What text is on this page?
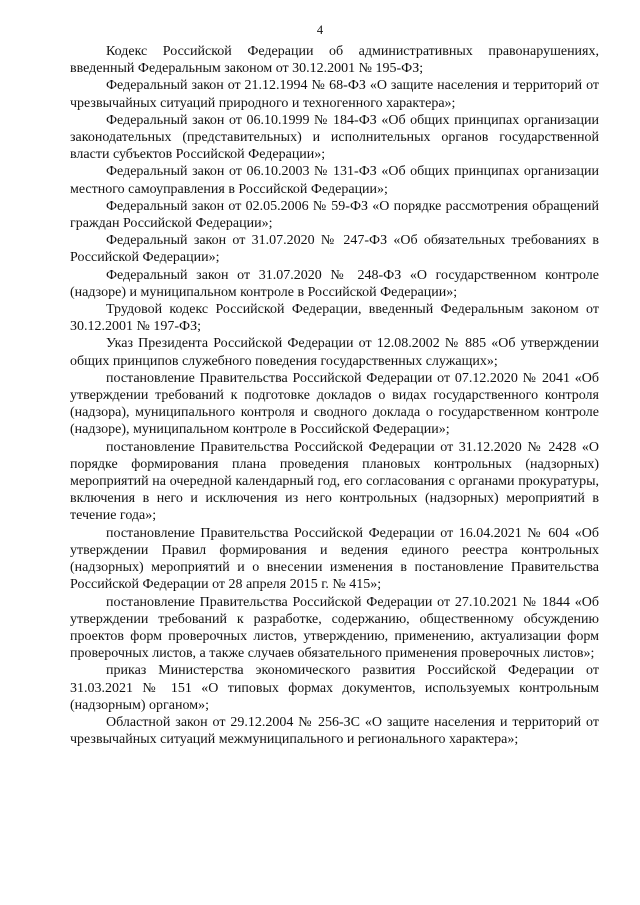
4

Кодекс Российской Федерации об административных правонарушениях, введенный Федеральным законом от 30.12.2001 № 195-ФЗ;

Федеральный закон от 21.12.1994 № 68-ФЗ «О защите населения и территорий от чрезвычайных ситуаций природного и техногенного характера»;

Федеральный закон от 06.10.1999 № 184-ФЗ «Об общих принципах организации законодательных (представительных) и исполнительных органов государственной власти субъектов Российской Федерации»;

Федеральный закон от 06.10.2003 № 131-ФЗ «Об общих принципах организации местного самоуправления в Российской Федерации»;

Федеральный закон от 02.05.2006 № 59-ФЗ «О порядке рассмотрения обращений граждан Российской Федерации»;

Федеральный закон от 31.07.2020 № 247-ФЗ «Об обязательных требованиях в Российской Федерации»;

Федеральный закон от 31.07.2020 № 248-ФЗ «О государственном контроле (надзоре) и муниципальном контроле в Российской Федерации»;

Трудовой кодекс Российской Федерации, введенный Федеральным законом от 30.12.2001 № 197-ФЗ;

Указ Президента Российской Федерации от 12.08.2002 № 885 «Об утверждении общих принципов служебного поведения государственных служащих»;

постановление Правительства Российской Федерации от 07.12.2020 № 2041 «Об утверждении требований к подготовке докладов о видах государственного контроля (надзора), муниципального контроля и сводного доклада о государственном контроле (надзоре), муниципальном контроле в Российской Федерации»;

постановление Правительства Российской Федерации от 31.12.2020 № 2428 «О порядке формирования плана проведения плановых контрольных (надзорных) мероприятий на очередной календарный год, его согласования с органами прокуратуры, включения в него и исключения из него контрольных (надзорных) мероприятий в течение года»;

постановление Правительства Российской Федерации от 16.04.2021 № 604 «Об утверждении Правил формирования и ведения единого реестра контрольных (надзорных) мероприятий и о внесении изменения в постановление Правительства Российской Федерации от 28 апреля 2015 г. № 415»;

постановление Правительства Российской Федерации от 27.10.2021 № 1844 «Об утверждении требований к разработке, содержанию, общественному обсуждению проектов форм проверочных листов, утверждению, применению, актуализации форм проверочных листов, а также случаев обязательного применения проверочных листов»;

приказ Министерства экономического развития Российской Федерации от 31.03.2021 № 151 «О типовых формах документов, используемых контрольным (надзорным) органом»;

Областной закон от 29.12.2004 № 256-ЗС «О защите населения и территорий от чрезвычайных ситуаций межмуниципального и регионального характера»;
